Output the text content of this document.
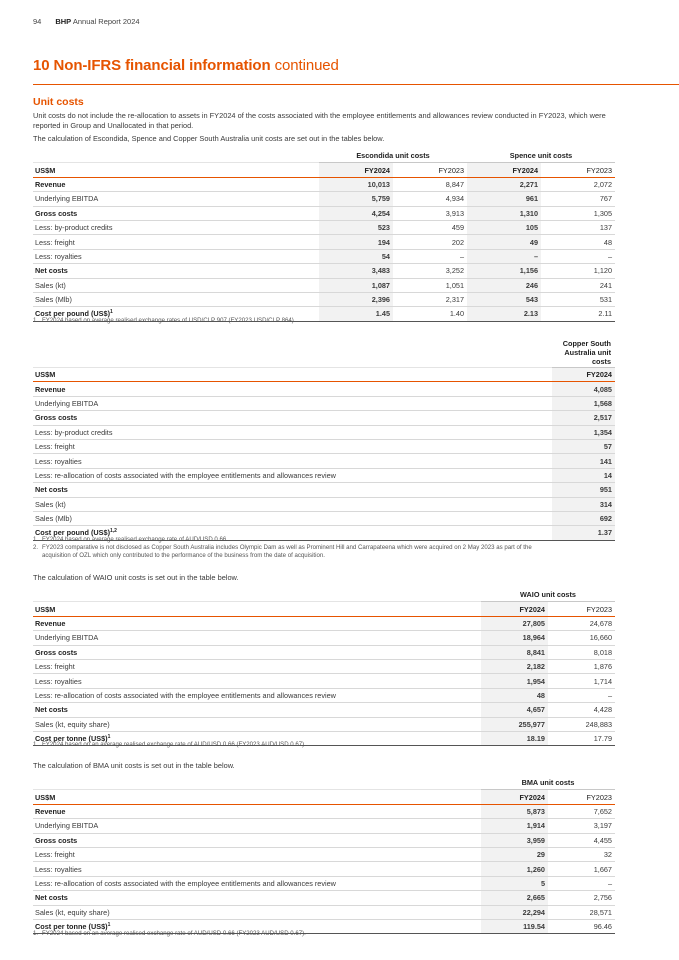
94 BHP Annual Report 2024
10 Non-IFRS financial information continued
Unit costs
Unit costs do not include the re-allocation to assets in FY2024 of the costs associated with the employee entitlements and allowances review conducted in FY2023, which were reported in Group and Unallocated in that period.
The calculation of Escondida, Spence and Copper South Australia unit costs are set out in the tables below.
	Escondida unit costs		Spence unit costs	
US$M	FY2024	FY2023	FY2024	FY2023
Revenue	10,013	8,847	2,271	2,072
Underlying EBITDA	5,759	4,934	961	767
Gross costs	4,254	3,913	1,310	1,305
Less: by-product credits	523	459	105	137
Less: freight	194	202	49	48
Less: royalties	54	–	–	–
Net costs	3,483	3,252	1,156	1,120
Sales (kt)	1,087	1,051	246	241
Sales (Mlb)	2,396	2,317	543	531
Cost per pound (US$)$^1$	1.45	1.40	2.13	2.11
1. FY2024 based on average realised exchange rates of USD/CLP 907 (FY2023 USD/CLP 864).
	Copper South Australia unit costs
US$M	FY2024
Revenue	4,085
Underlying EBITDA	1,568
Gross costs	2,517
Less: by-product credits	1,354
Less: freight	57
Less: royalties	141
Less: re-allocation of costs associated with the employee entitlements and allowances review	14
Net costs	951
Sales (kt)	314
Sales (Mlb)	692
Cost per pound (US$)$^{1,2}$	1.37
1. FY2024 based on average realised exchange rate of AUD/USD 0.66.
2. FY2023 comparative is not disclosed as Copper South Australia includes Olympic Dam as well as Prominent Hill and Carrapateena which were acquired on 2 May 2023 as part of the
acquisition of OZL which only contributed to the performance of the business from the date of acquisition.
The calculation of WAIO unit costs is set out in the table below.
	WAIO unit costs	
US$M	FY2024	FY2023
Revenue	27,805	24,678
Underlying EBITDA	18,964	16,660
Gross costs	8,841	8,018
Less: freight	2,182	1,876
Less: royalties	1,954	1,714
Less: re-allocation of costs associated with the employee entitlements and allowances review	48	–
Net costs	4,657	4,428
Sales (kt, equity share)	255,977	248,883
Cost per tonne (US$)$^1$	18.19	17.79
1. FY2024 based on an average realised exchange rate of AUD/USD 0.66 (FY2023 AUD/USD 0.67).
The calculation of BMA unit costs is set out in the table below.
	BMA unit costs	
US$M	FY2024	FY2023
Revenue	5,873	7,652
Underlying EBITDA	1,914	3,197
Gross costs	3,959	4,455
Less: freight	29	32
Less: royalties	1,260	1,667
Less: re-allocation of costs associated with the employee entitlements and allowances review	5	–
Net costs	2,665	2,756
Sales (kt, equity share)	22,294	28,571
Cost per tonne (US$)$^1$	119.54	96.46
1. FY2024 based on an average realised exchange rate of AUD/USD 0.66 (FY2023 AUD/USD 0.67).
